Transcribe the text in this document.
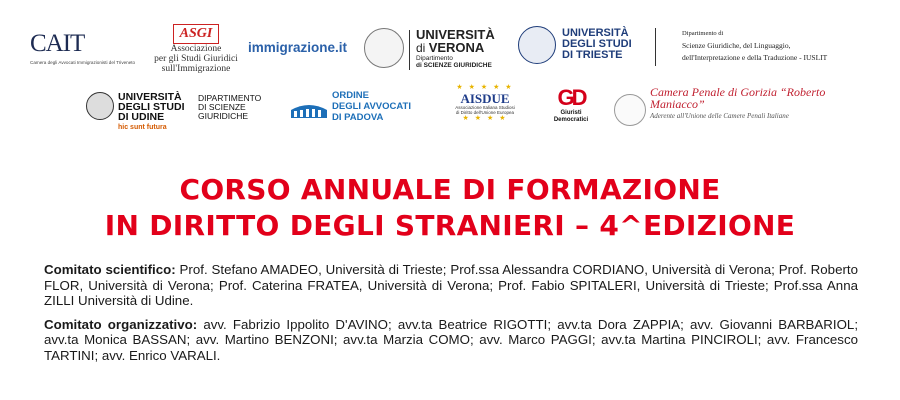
CAIT
Camera degli Avvocati Immigrazionisti del Triveneto
ASGI
Associazione
per gli Studi Giuridici
sull'Immigrazione
immigrazione.it
UNIVERSITÀ
di VERONA
Dipartimento
di SCIENZE GIURIDICHE
UNIVERSITÀ
DEGLI STUDI
DI TRIESTE
Dipartimento di
Scienze Giuridiche, del Linguaggio,
dell'Interpretazione e della Traduzione - IUSLIT
UNIVERSITÀ
DEGLI STUDI
DI UDINE
hic sunt futura
DIPARTIMENTO
DI SCIENZE
GIURIDICHE
ORDINE
DEGLI AVVOCATI
DI PADOVA
★ ★ ★ ★ ★
AISDUE
Associazione Italiana Studiosi
di Diritto dell'Unione Europea
★ ★ ★ ★
GD
Giuristi
Democratici
Camera Penale di Gorizia “Roberto
Maniacco”
Aderente all'Unione delle Camere Penali Italiane
CORSO ANNUALE DI FORMAZIONE
IN DIRITTO DEGLI STRANIERI – 4^EDIZIONE

Comitato scientifico: Prof. Stefano AMADEO, Università di Trieste; Prof.ssa Alessandra CORDIANO, Università di Verona; Prof. Roberto FLOR, Università di Verona; Prof. Caterina FRATEA, Università di Verona; Prof. Fabio SPITALERI, Università di Trieste; Prof.ssa Anna ZILLI Università di Udine.

Comitato organizzativo: avv. Fabrizio Ippolito D'AVINO; avv.ta Beatrice RIGOTTI; avv.ta Dora ZAPPIA; avv. Giovanni BARBARIOL; avv.ta Monica BASSAN; avv. Martino BENZONI; avv.ta Marzia COMO; avv. Marco PAGGI; avv.ta Martina PINCIROLI; avv. Francesco TARTINI; avv. Enrico VARALI.
